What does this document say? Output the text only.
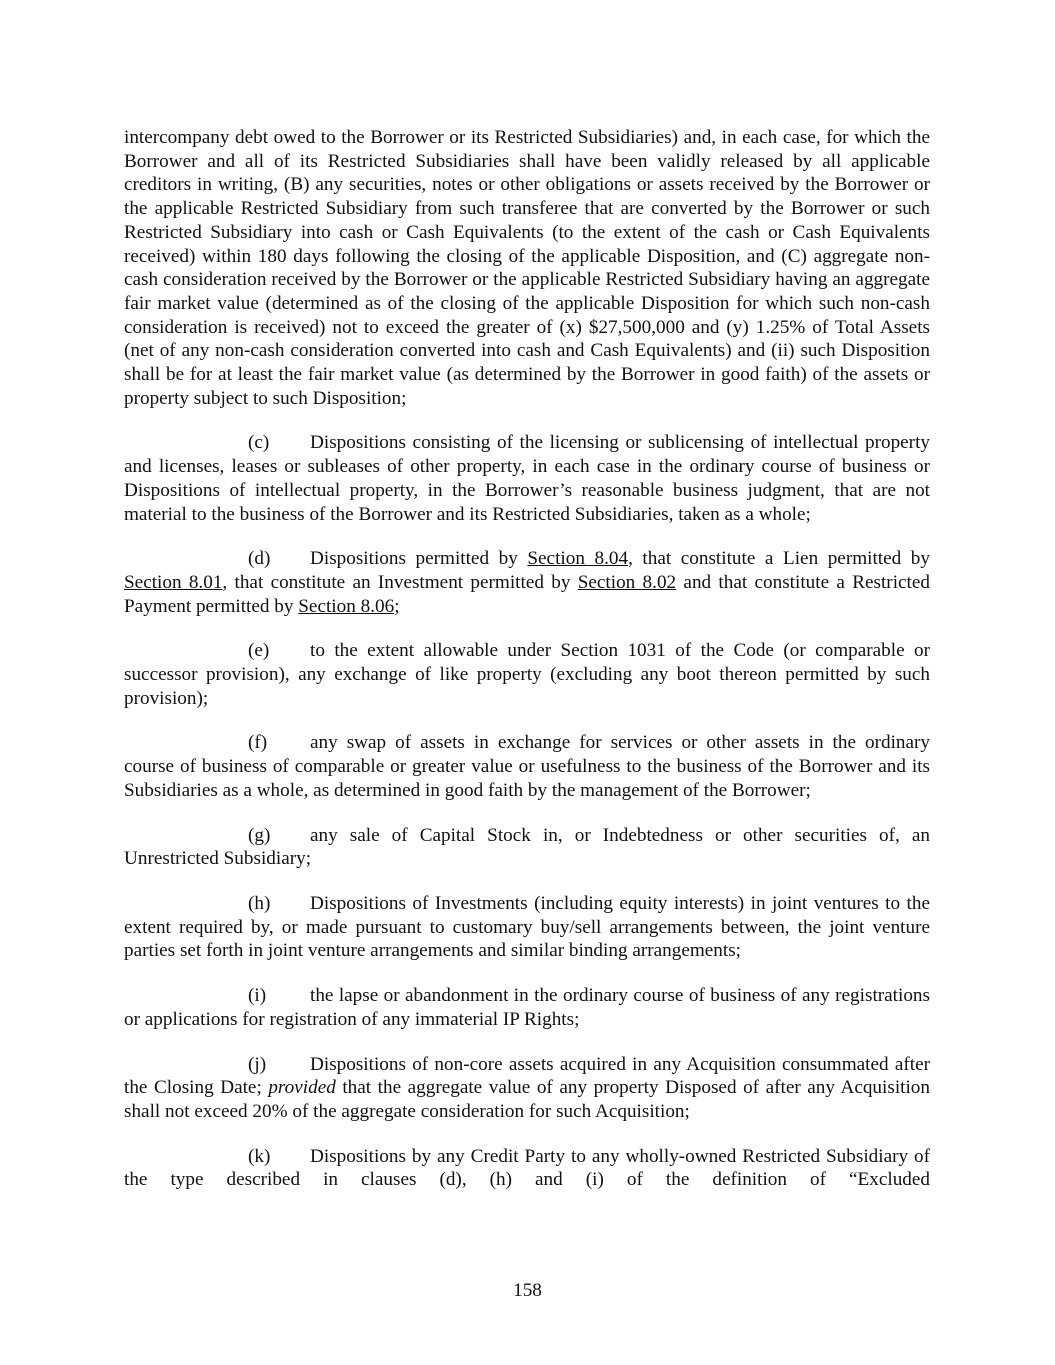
intercompany debt owed to the Borrower or its Restricted Subsidiaries) and, in each case, for which the Borrower and all of its Restricted Subsidiaries shall have been validly released by all applicable creditors in writing, (B) any securities, notes or other obligations or assets received by the Borrower or the applicable Restricted Subsidiary from such transferee that are converted by the Borrower or such Restricted Subsidiary into cash or Cash Equivalents (to the extent of the cash or Cash Equivalents received) within 180 days following the closing of the applicable Disposition, and (C) aggregate non-cash consideration received by the Borrower or the applicable Restricted Subsidiary having an aggregate fair market value (determined as of the closing of the applicable Disposition for which such non-cash consideration is received) not to exceed the greater of (x) $27,500,000 and (y) 1.25% of Total Assets (net of any non-cash consideration converted into cash and Cash Equivalents) and (ii) such Disposition shall be for at least the fair market value (as determined by the Borrower in good faith) of the assets or property subject to such Disposition;

(c) Dispositions consisting of the licensing or sublicensing of intellectual property and licenses, leases or subleases of other property, in each case in the ordinary course of business or Dispositions of intellectual property, in the Borrower’s reasonable business judgment, that are not material to the business of the Borrower and its Restricted Subsidiaries, taken as a whole;

(d) Dispositions permitted by Section 8.04, that constitute a Lien permitted by Section 8.01, that constitute an Investment permitted by Section 8.02 and that constitute a Restricted Payment permitted by Section 8.06;

(e) to the extent allowable under Section 1031 of the Code (or comparable or successor provision), any exchange of like property (excluding any boot thereon permitted by such provision);

(f) any swap of assets in exchange for services or other assets in the ordinary course of business of comparable or greater value or usefulness to the business of the Borrower and its Subsidiaries as a whole, as determined in good faith by the management of the Borrower;

(g) any sale of Capital Stock in, or Indebtedness or other securities of, an Unrestricted Subsidiary;

(h) Dispositions of Investments (including equity interests) in joint ventures to the extent required by, or made pursuant to customary buy/sell arrangements between, the joint venture parties set forth in joint venture arrangements and similar binding arrangements;

(i) the lapse or abandonment in the ordinary course of business of any registrations or applications for registration of any immaterial IP Rights;

(j) Dispositions of non-core assets acquired in any Acquisition consummated after the Closing Date; provided that the aggregate value of any property Disposed of after any Acquisition shall not exceed 20% of the aggregate consideration for such Acquisition;

(k) Dispositions by any Credit Party to any wholly-owned Restricted Subsidiary of the type described in clauses (d), (h) and (i) of the definition of “Excluded

158
